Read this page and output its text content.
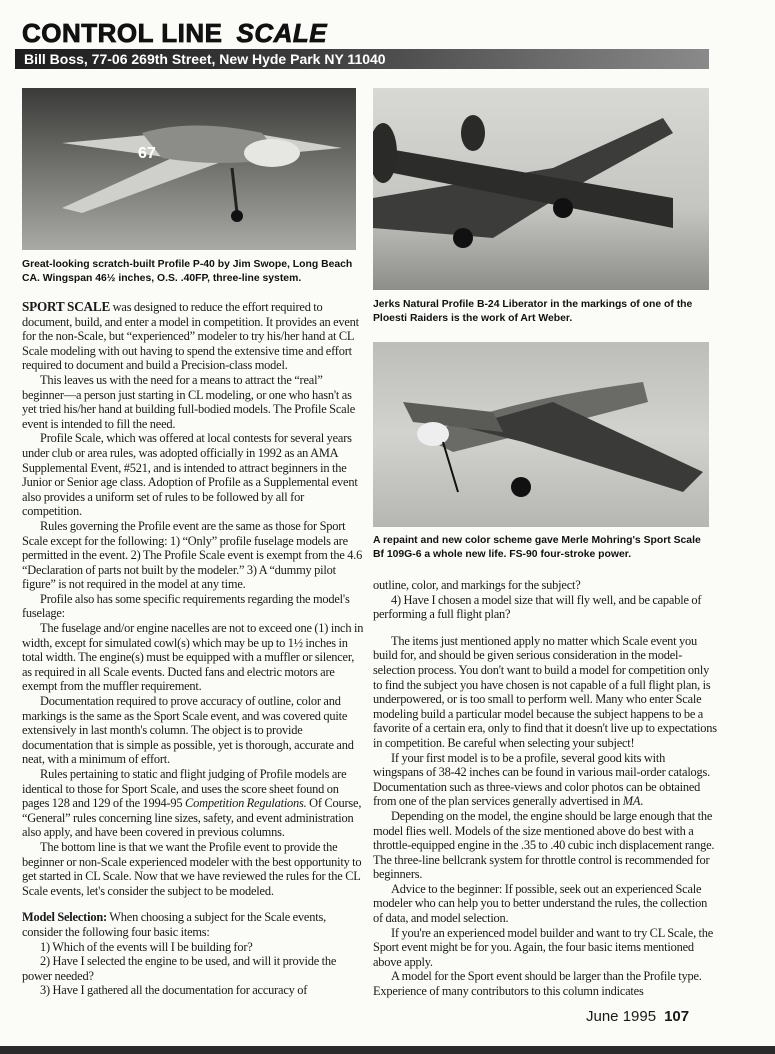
CONTROL LINE SCALE
Bill Boss, 77-06 269th Street, New Hyde Park NY 11040
67
Great-looking scratch-built Profile P-40 by Jim Swope, Long Beach CA. Wingspan 46½ inches, O.S. .40FP, three-line system.
Jerks Natural Profile B-24 Liberator in the markings of one of the Ploesti Raiders is the work of Art Weber.
A repaint and new color scheme gave Merle Mohring's Sport Scale Bf 109G-6 a whole new life. FS-90 four-stroke power.

SPORT SCALE was designed to reduce the effort required to document, build, and enter a model in competition. It provides an event for the non-Scale, but “experienced” modeler to try his/her hand at CL Scale modeling with out having to spend the extensive time and effort required to document and build a Precision-class model.

This leaves us with the need for a means to attract the “real” beginner—a person just starting in CL modeling, or one who hasn't as yet tried his/her hand at building full-bodied models. The Profile Scale event is intended to fill the need.

Profile Scale, which was offered at local contests for several years under club or area rules, was adopted officially in 1992 as an AMA Supplemental Event, #521, and is intended to attract beginners in the Junior or Senior age class. Adoption of Profile as a Supplemental event also provides a uniform set of rules to be followed by all for competition.

Rules governing the Profile event are the same as those for Sport Scale except for the following: 1) “Only” profile fuselage models are permitted in the event. 2) The Profile Scale event is exempt from the 4.6 “Declaration of parts not built by the modeler.” 3) A “dummy pilot figure” is not required in the model at any time.

Profile also has some specific requirements regarding the model's fuselage:

The fuselage and/or engine nacelles are not to exceed one (1) inch in width, except for simulated cowl(s) which may be up to 1½ inches in total width. The engine(s) must be equipped with a muffler or silencer, as required in all Scale events. Ducted fans and electric motors are exempt from the muffler requirement.

Documentation required to prove accuracy of outline, color and markings is the same as the Sport Scale event, and was covered quite extensively in last month's column. The object is to provide documentation that is simple as possible, yet is thorough, accurate and neat, with a minimum of effort.

Rules pertaining to static and flight judging of Profile models are identical to those for Sport Scale, and uses the score sheet found on pages 128 and 129 of the 1994-95 Competition Regulations. Of Course, “General” rules concerning line sizes, safety, and event administration also apply, and have been covered in previous columns.

The bottom line is that we want the Profile event to provide the beginner or non-Scale experienced modeler with the best opportunity to get started in CL Scale. Now that we have reviewed the rules for the CL Scale events, let's consider the subject to be modeled.

Model Selection: When choosing a subject for the Scale events, consider the following four basic items:

1) Which of the events will I be building for?

2) Have I selected the engine to be used, and will it provide the power needed?

3) Have I gathered all the documentation for accuracy of

outline, color, and markings for the subject?

4) Have I chosen a model size that will fly well, and be capable of performing a full flight plan?

The items just mentioned apply no matter which Scale event you build for, and should be given serious consideration in the model-selection process. You don't want to build a model for competition only to find the subject you have chosen is not capable of a full flight plan, is underpowered, or is too small to perform well. Many who enter Scale modeling build a particular model because the subject happens to be a favorite of a certain era, only to find that it doesn't live up to expectations in competition. Be careful when selecting your subject!

If your first model is to be a profile, several good kits with wingspans of 38-42 inches can be found in various mail-order catalogs. Documentation such as three-views and color photos can be obtained from one of the plan services generally advertised in MA.

Depending on the model, the engine should be large enough that the model flies well. Models of the size mentioned above do best with a throttle-equipped engine in the .35 to .40 cubic inch displacement range. The three-line bellcrank system for throttle control is recommended for beginners.

Advice to the beginner: If possible, seek out an experienced Scale modeler who can help you to better understand the rules, the collection of data, and model selection.

If you're an experienced model builder and want to try CL Scale, the Sport event might be for you. Again, the four basic items mentioned above apply.

A model for the Sport event should be larger than the Profile type. Experience of many contributors to this column indicates

June 1995 107
